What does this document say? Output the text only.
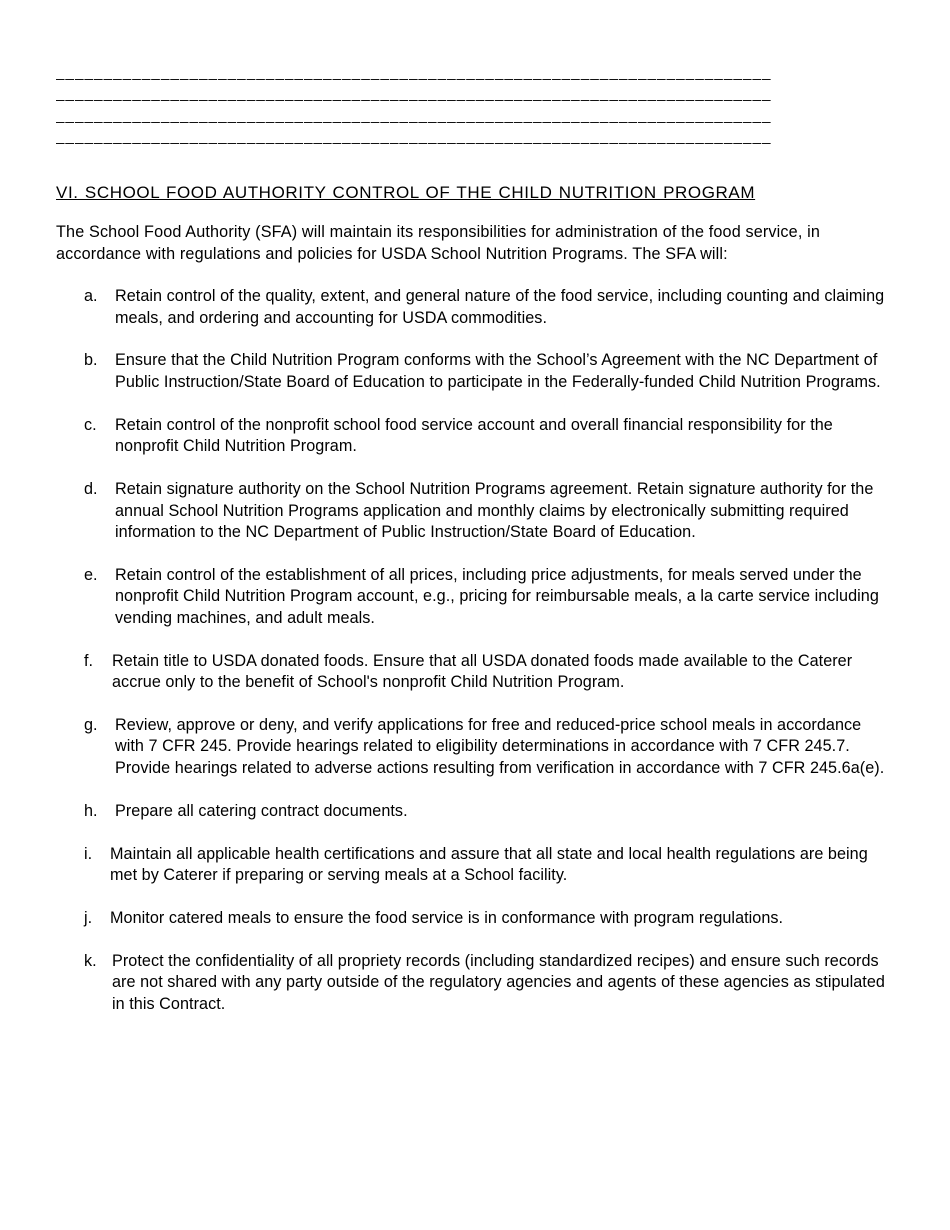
___________________________________________________________________________
___________________________________________________________________________
___________________________________________________________________________
___________________________________________________________________________
VI. SCHOOL FOOD AUTHORITY CONTROL OF THE CHILD NUTRITION PROGRAM
The School Food Authority (SFA) will maintain its responsibilities for administration of the food service, in accordance with regulations and policies for USDA School Nutrition Programs. The SFA will:
a. Retain control of the quality, extent, and general nature of the food service, including counting and claiming meals, and ordering and accounting for USDA commodities.
b. Ensure that the Child Nutrition Program conforms with the School’s Agreement with the NC Department of Public Instruction/State Board of Education to participate in the Federally-funded Child Nutrition Programs.
c. Retain control of the nonprofit school food service account and overall financial responsibility for the nonprofit Child Nutrition Program.
d. Retain signature authority on the School Nutrition Programs agreement. Retain signature authority for the annual School Nutrition Programs application and monthly claims by electronically submitting required information to the NC Department of Public Instruction/State Board of Education.
e. Retain control of the establishment of all prices, including price adjustments, for meals served under the nonprofit Child Nutrition Program account, e.g., pricing for reimbursable meals, a la carte service including vending machines, and adult meals.
f. Retain title to USDA donated foods. Ensure that all USDA donated foods made available to the Caterer accrue only to the benefit of School's nonprofit Child Nutrition Program.
g. Review, approve or deny, and verify applications for free and reduced-price school meals in accordance with 7 CFR 245. Provide hearings related to eligibility determinations in accordance with 7 CFR 245.7. Provide hearings related to adverse actions resulting from verification in accordance with 7 CFR 245.6a(e).
h. Prepare all catering contract documents.
i. Maintain all applicable health certifications and assure that all state and local health regulations are being met by Caterer if preparing or serving meals at a School facility.
j. Monitor catered meals to ensure the food service is in conformance with program regulations.
k. Protect the confidentiality of all propriety records (including standardized recipes) and ensure such records are not shared with any party outside of the regulatory agencies and agents of these agencies as stipulated in this Contract.
